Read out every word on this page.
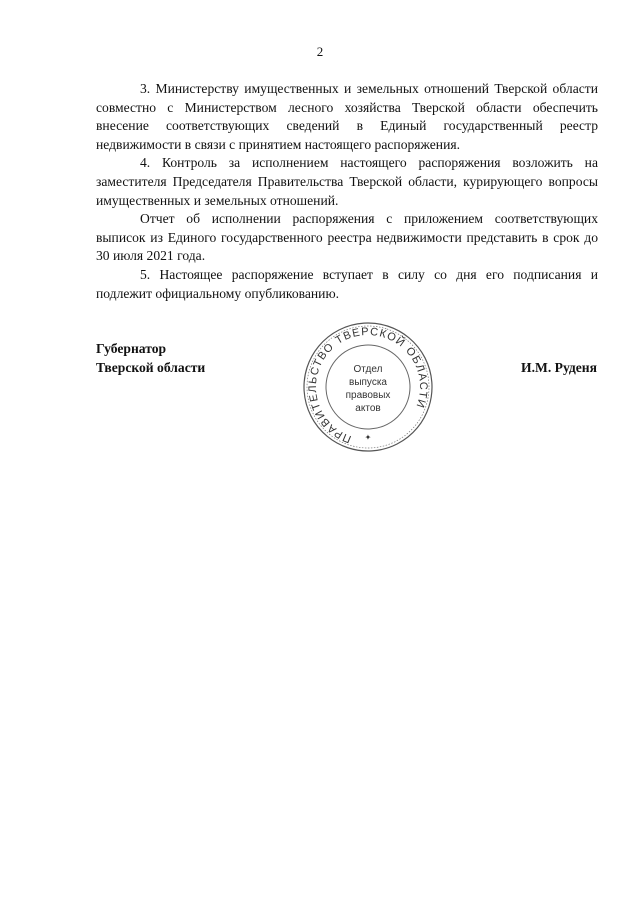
2

3. Министерству имущественных и земельных отношений Тверской области совместно с Министерством лесного хозяйства Тверской области обеспечить внесение соответствующих сведений в Единый государственный реестр недвижимости в связи с принятием настоящего распоряжения.

4. Контроль за исполнением настоящего распоряжения возложить на заместителя Председателя Правительства Тверской области, курирующего вопросы имущественных и земельных отношений.

Отчет об исполнении распоряжения с приложением соответствующих выписок из Единого государственного реестра недвижимости представить в срок до 30 июля 2021 года.

5. Настоящее распоряжение вступает в силу со дня его подписания и подлежит официальному опубликованию.

Губернатор
Тверской области
ПРАВИТЕЛЬСТВО ТВЕРСКОЙ ОБЛАСТИ
Отдел
выпуска
правовых
актов
✦
И.М. Руденя
